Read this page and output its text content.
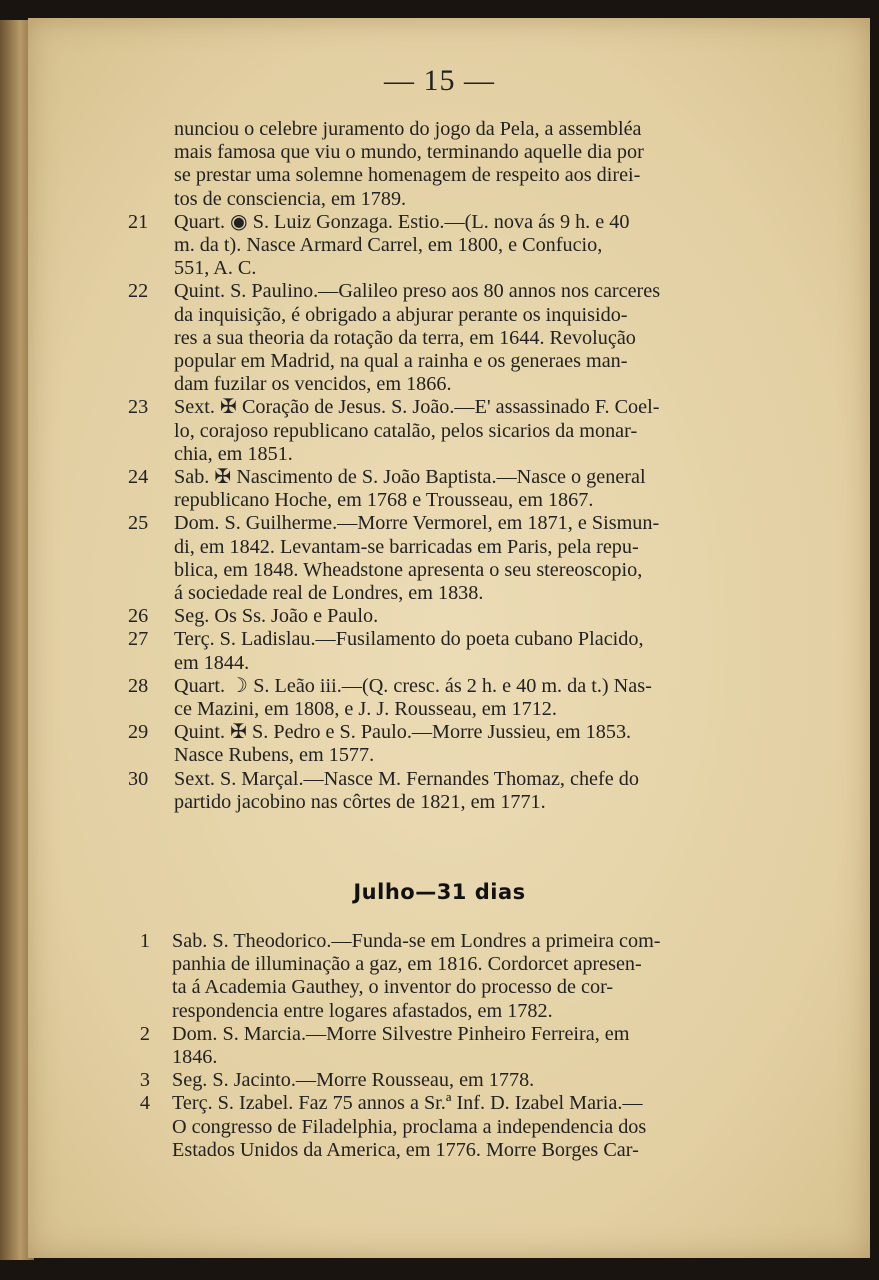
— 15 —
nunciou o celebre juramento do jogo da Pela, a assembléa
mais famosa que viu o mundo, terminando aquelle dia por
se prestar uma solemne homenagem de respeito aos direi-
tos de consciencia, em 1789.
21	Quart. ◉ S. Luiz Gonzaga. Estio.—(L. nova ás 9 h. e 40
m. da t). Nasce Armard Carrel, em 1800, e Confucio,
551, A. C.
22	Quint. S. Paulino.—Galileo preso aos 80 annos nos carceres
da inquisição, é obrigado a abjurar perante os inquisido-
res a sua theoria da rotação da terra, em 1644. Revolução
popular em Madrid, na qual a rainha e os generaes man-
dam fuzilar os vencidos, em 1866.
23	Sext. ✠ Coração de Jesus. S. João.—E' assassinado F. Coel-
lo, corajoso republicano catalão, pelos sicarios da monar-
chia, em 1851.
24	Sab. ✠ Nascimento de S. João Baptista.—Nasce o general
republicano Hoche, em 1768 e Trousseau, em 1867.
25	Dom. S. Guilherme.—Morre Vermorel, em 1871, e Sismun-
di, em 1842. Levantam-se barricadas em Paris, pela repu-
blica, em 1848. Wheadstone apresenta o seu stereoscopio,
á sociedade real de Londres, em 1838.
26	Seg. Os Ss. João e Paulo.
27	Terç. S. Ladislau.—Fusilamento do poeta cubano Placido,
em 1844.
28	Quart. ☽ S. Leão iii.—(Q. cresc. ás 2 h. e 40 m. da t.) Nas-
ce Mazini, em 1808, e J. J. Rousseau, em 1712.
29	Quint. ✠ S. Pedro e S. Paulo.—Morre Jussieu, em 1853.
Nasce Rubens, em 1577.
30	Sext. S. Marçal.—Nasce M. Fernandes Thomaz, chefe do
partido jacobino nas côrtes de 1821, em 1771.
Julho—31 dias
1 Sab. S. Theodorico.—Funda-se em Londres a primeira com-
panhia de illuminação a gaz, em 1816. Cordorcet apresen-
ta á Academia Gauthey, o inventor do processo de cor-
respondencia entre logares afastados, em 1782.
2 Dom. S. Marcia.—Morre Silvestre Pinheiro Ferreira, em
1846.
3 Seg. S. Jacinto.—Morre Rousseau, em 1778.
4 Terç. S. Izabel. Faz 75 annos a Sr.ª Inf. D. Izabel Maria.—
O congresso de Filadelphia, proclama a independencia dos
Estados Unidos da America, em 1776. Morre Borges Car-
